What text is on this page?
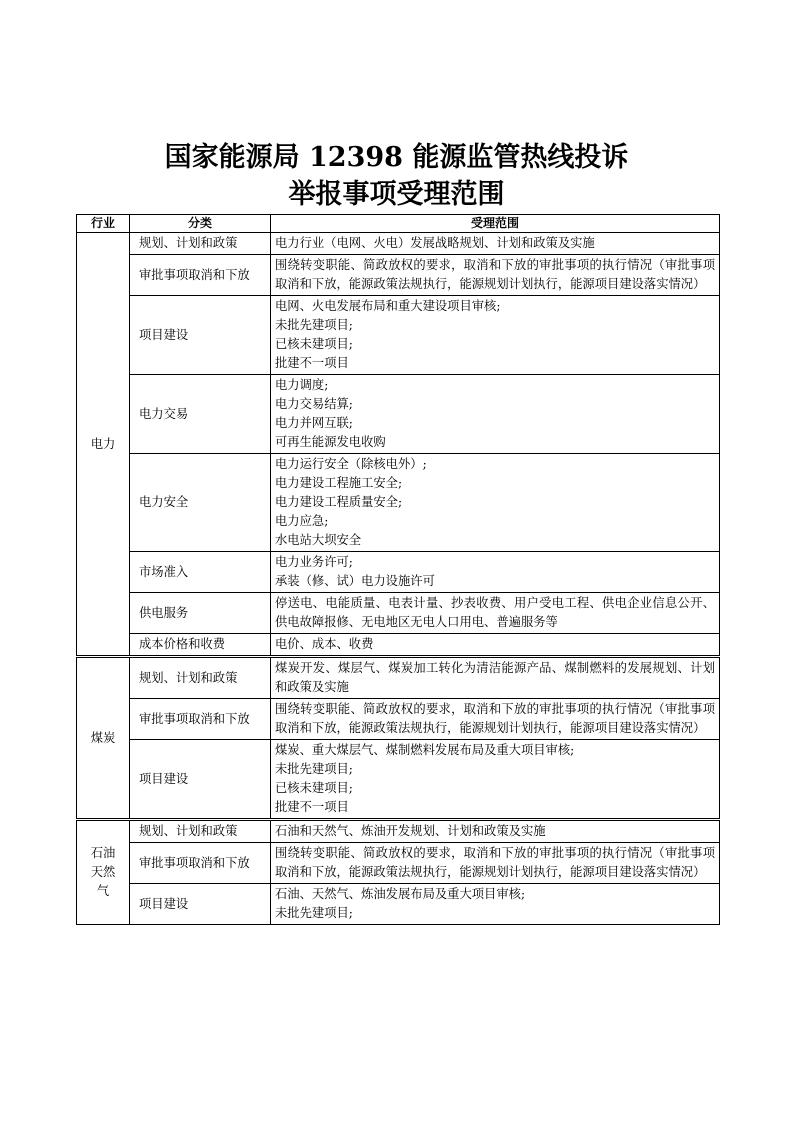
国家能源局 12398 能源监管热线投诉
举报事项受理范围
行业	分类	受理范围
电力	规划、计划和政策	电力行业（电网、火电）发展战略规划、计划和政策及实施

	审批事项取消和下放	围绕转变职能、简政放权的要求，取消和下放的审批事项的执行情况（审批事项取消和下放，能源政策法规执行，能源规划计划执行，能源项目建设落实情况）

	项目建设	电网、火电发展布局和重大建设项目审核;
未批先建项目;
已核未建项目;
批建不一项目

	电力交易	电力调度;
电力交易结算;
电力并网互联;
可再生能源发电收购

	电力安全	电力运行安全（除核电外）;
电力建设工程施工安全;
电力建设工程质量安全;
电力应急;
水电站大坝安全

	市场准入	电力业务许可;
承装（修、试）电力设施许可

	供电服务	停送电、电能质量、电表计量、抄表收费、用户受电工程、供电企业信息公开、供电故障报修、无电地区无电人口用电、普遍服务等

	成本价格和收费	电价、成本、收费

煤炭	规划、计划和政策	煤炭开发、煤层气、煤炭加工转化为清洁能源产品、煤制燃料的发展规划、计划和政策及实施

	审批事项取消和下放	围绕转变职能、简政放权的要求，取消和下放的审批事项的执行情况（审批事项取消和下放，能源政策法规执行，能源规划计划执行，能源项目建设落实情况）

	项目建设	煤炭、重大煤层气、煤制燃料发展布局及重大项目审核;
未批先建项目;
已核未建项目;
批建不一项目

石油
天然
气	规划、计划和政策	石油和天然气、炼油开发规划、计划和政策及实施

	审批事项取消和下放	围绕转变职能、简政放权的要求，取消和下放的审批事项的执行情况（审批事项取消和下放，能源政策法规执行，能源规划计划执行，能源项目建设落实情况）

	项目建设	石油、天然气、炼油发展布局及重大项目审核;
未批先建项目;
